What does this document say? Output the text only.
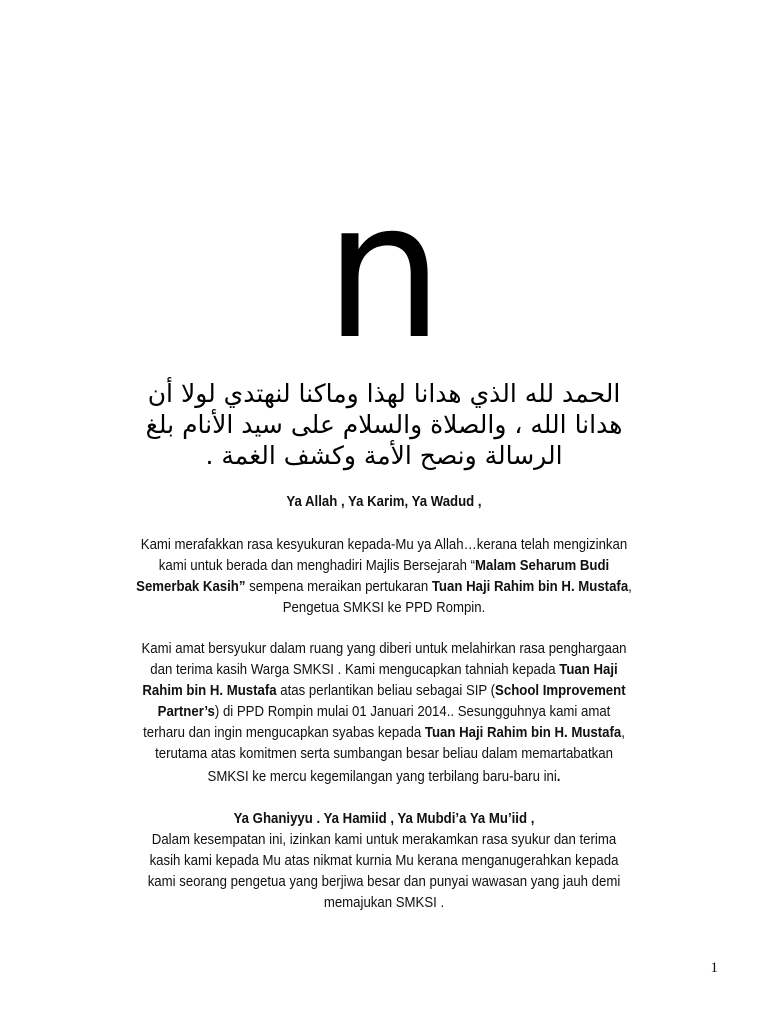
n
الحمد لله الذي هدانا لهذا وماكنا لنهتدي لولا أن
هدانا الله ، والصلاة والسلام على سيد الأنام بلغ
الرسالة ونصح الأمة وكشف الغمة .
Ya Allah , Ya Karim, Ya Wadud ,
Kami merafakkan rasa kesyukuran kepada-Mu ya Allah…kerana telah mengizinkan
kami untuk berada dan menghadiri Majlis Bersejarah “Malam Seharum Budi
Semerbak Kasih” sempena meraikan pertukaran Tuan Haji Rahim bin H. Mustafa,
Pengetua SMKSI ke PPD Rompin.
Kami amat bersyukur dalam ruang yang diberi untuk melahirkan rasa penghargaan
dan terima kasih Warga SMKSI . Kami mengucapkan tahniah kepada Tuan Haji
Rahim bin H. Mustafa atas perlantikan beliau sebagai SIP (School Improvement
Partner’s) di PPD Rompin mulai 01 Januari 2014.. Sesungguhnya kami amat
terharu dan ingin mengucapkan syabas kepada Tuan Haji Rahim bin H. Mustafa,
terutama atas komitmen serta sumbangan besar beliau dalam memartabatkan
SMKSI ke mercu kegemilangan yang terbilang baru-baru ini.
Ya Ghaniyyu . Ya Hamiid , Ya Mubdi’a Ya Mu’iid ,
Dalam kesempatan ini, izinkan kami untuk merakamkan rasa syukur dan terima
kasih kami kepada Mu atas nikmat kurnia Mu kerana menganugerahkan kepada
kami seorang pengetua yang berjiwa besar dan punyai wawasan yang jauh demi
memajukan SMKSI .
1
